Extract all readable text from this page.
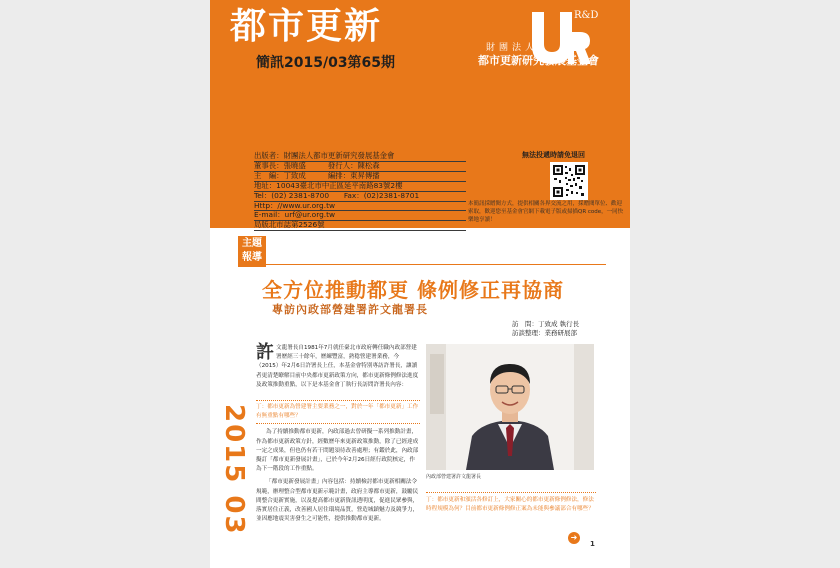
都市更新
簡訊2015/03第65期
R&D
財團法人
都市更新研究發展基金會
出版者：財團法人都市更新研究發展基金會
董事長：張曉盛　　　發行人：陳松森
主　編：丁致成　　　編排：東昇傳播
地址：10043臺北市中正區延平南路83號2樓
Tel：(02) 2381-8700　　Fax：(02)2381-8701
Http：//www.ur.org.tw
E-mail：urf@ur.org.tw
局版北市誌第2526號
無法投遞時請免退回
本簡訊採贈閱方式，提供相關各界交流之用，採贈閱單位、歡迎索取，歡迎您至基金會官網下載電子版或掃描QR code，一同快樂地享讀！
主題報導
全方位推動都更 條例修正再協商
專訪內政部營建署許文龍署長
訪　問：丁致成 執行長
訪談整理：業務研展部
2015 03
許 文龍署長自1981年7月就任臺北市政府轉任職內政部營建署歷經三十餘年，歷練豐富，熟稔營建署業務，今（2015）年2月6日許署長上任，本基金會特別專訪許署長，讓讀者更清楚瞭解目前中央都市更新政策方向，都市更新條例修法進度及政策推動重點，以下是本基金會丁執行長訪問許署長內容：
丁：都市更新為營建署主要業務之一，對於一年「都市更新」工作有無重點有哪些？
為了持續推動都市更新，內政部過去曾研擬一系列推動計畫，作為都市更新政策方針，經數歷年來更新政策推動，除了已經達成一定之成果，但也仍有若干問題須待改善處理；有鑑於此，內政部擬訂「都市更新發展計畫」，已於今年2月26日經行政院核定，作為下一階段的工作重點。
「都市更新發展計畫」內容包括：持續檢討都市更新相關法令規範，辦理整合型都市更新示範計畫，政府主導都市更新，鼓勵民間整合更新實施，以及提高都市更新資訊透明度，促進民眾參與，落實居住正義，改善國人居住環境品質，營造城鎮魅力及競爭力，並因應地震災害發生之可能性，提供推動都市更新。
內政部營建署許文龍署長
丁：都市更新和頒活各修訂上，大家關心的都市更新條例修法，修法時程規模為何？目前都市更新條例修正案為未能與參議部合有哪些？
➜
1
